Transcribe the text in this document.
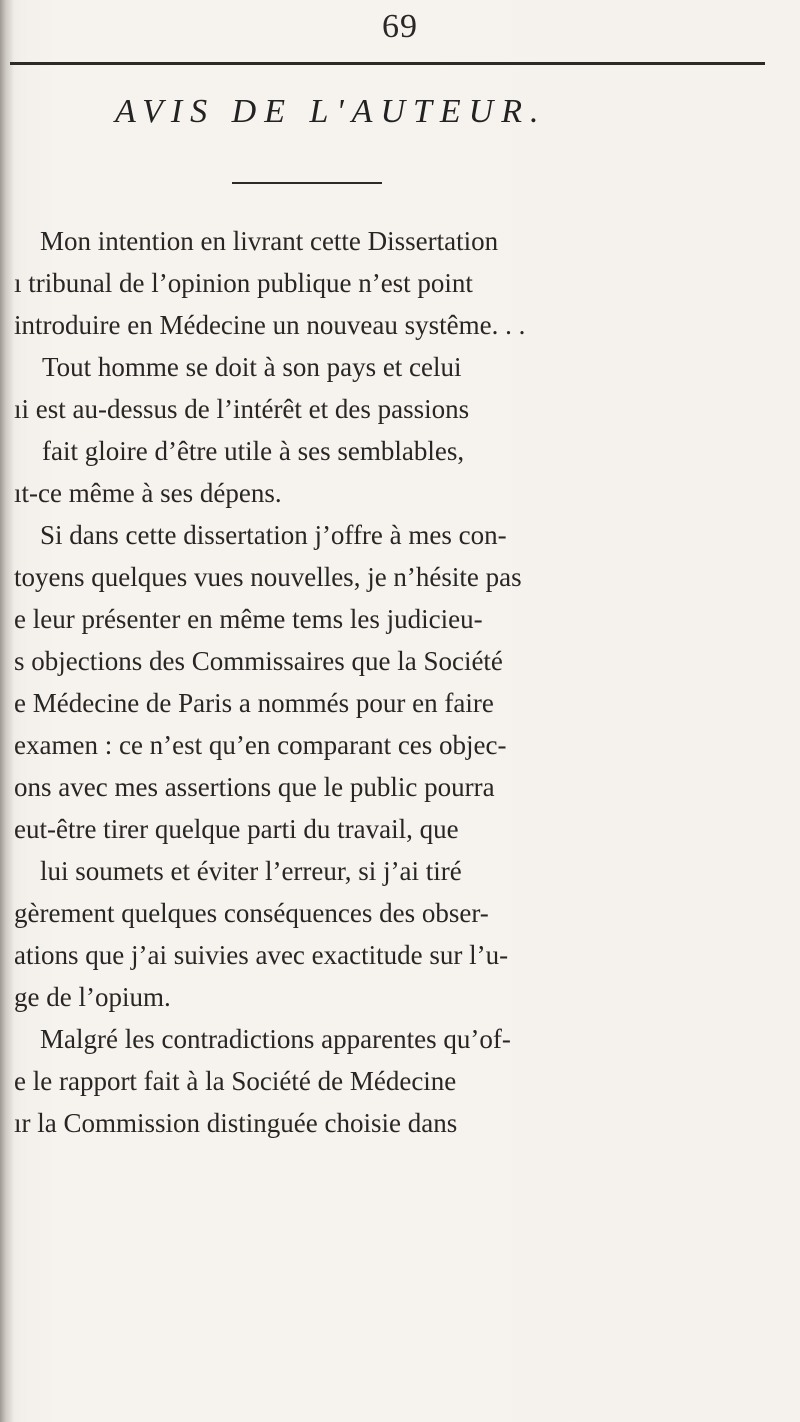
69
AVIS DE L'AUTEUR.
Mon intention en livrant cette Dissertation
ı tribunal de l’opinion publique n’est point
introduire en Médecine un nouveau systême. . .
Tout homme se doit à son pays et celui
ıi est au-dessus de l’intérêt et des passions
fait gloire d’être utile à ses semblables,
ıt-ce même à ses dépens.
Si dans cette dissertation j’offre à mes con-
toyens quelques vues nouvelles, je n’hésite pas
e leur présenter en même tems les judicieu-
s objections des Commissaires que la Société
e Médecine de Paris a nommés pour en faire
examen : ce n’est qu’en comparant ces objec-
ons avec mes assertions que le public pourra
eut-être tirer quelque parti du travail, que
lui soumets et éviter l’erreur, si j’ai tiré
gèrement quelques conséquences des obser-
ations que j’ai suivies avec exactitude sur l’u-
ge de l’opium.
Malgré les contradictions apparentes qu’of-
e le rapport fait à la Société de Médecine
ır la Commission distinguée choisie dans
